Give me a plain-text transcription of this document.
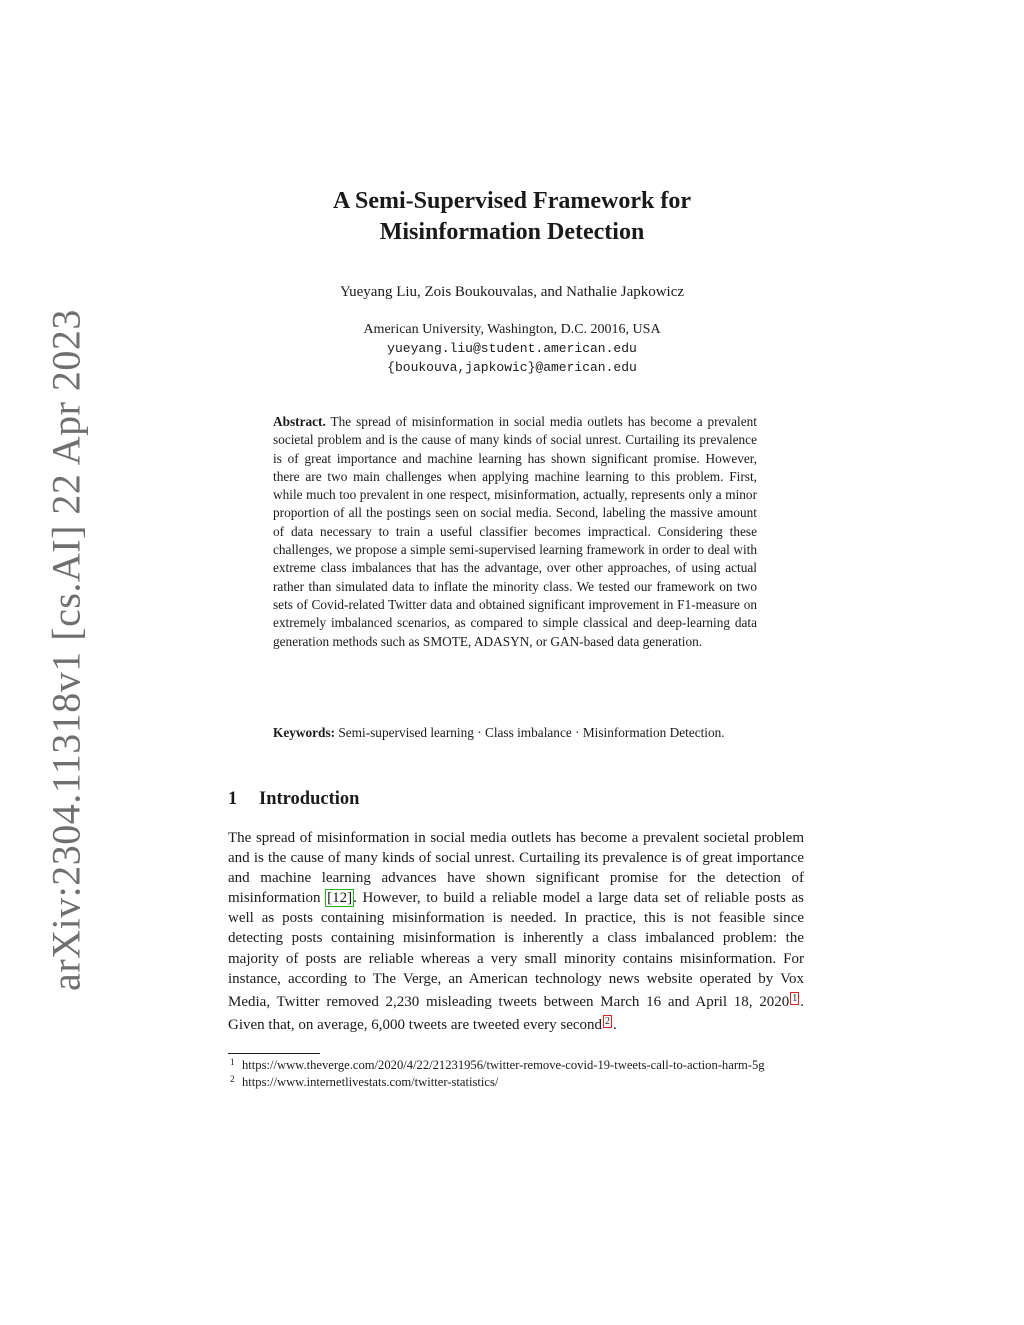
arXiv:2304.11318v1 [cs.AI] 22 Apr 2023
A Semi-Supervised Framework for
Misinformation Detection
Yueyang Liu, Zois Boukouvalas, and Nathalie Japkowicz
American University, Washington, D.C. 20016, USA
yueyang.liu@student.american.edu
{boukouva,japkowic}@american.edu
Abstract. The spread of misinformation in social media outlets has become a prevalent societal problem and is the cause of many kinds of social unrest. Curtailing its prevalence is of great importance and machine learning has shown significant promise. However, there are two main challenges when applying machine learning to this problem. First, while much too prevalent in one respect, misinformation, actually, represents only a minor proportion of all the postings seen on social media. Second, labeling the massive amount of data necessary to train a useful classifier becomes impractical. Considering these challenges, we propose a simple semi-supervised learning framework in order to deal with extreme class imbalances that has the advantage, over other approaches, of using actual rather than simulated data to inflate the minority class. We tested our framework on two sets of Covid-related Twitter data and obtained significant improvement in F1-measure on extremely imbalanced scenarios, as compared to simple classical and deep-learning data generation methods such as SMOTE, ADASYN, or GAN-based data generation.
Keywords: Semi-supervised learning · Class imbalance · Misinformation Detection.
1 Introduction
The spread of misinformation in social media outlets has become a prevalent societal problem and is the cause of many kinds of social unrest. Curtailing its prevalence is of great importance and machine learning advances have shown significant promise for the detection of misinformation [12]. However, to build a reliable model a large data set of reliable posts as well as posts containing misinformation is needed. In practice, this is not feasible since detecting posts containing misinformation is inherently a class imbalanced problem: the majority of posts are reliable whereas a very small minority contains misinformation. For instance, according to The Verge, an American technology news website operated by Vox Media, Twitter removed 2,230 misleading tweets between March 16 and April 18, 2020 $^1$ . Given that, on average, 6,000 tweets are tweeted every second $^2$ .
1 https://www.theverge.com/2020/4/22/21231956/twitter-remove-covid-19-tweets-call-to-action-harm-5g
2 https://www.internetlivestats.com/twitter-statistics/
